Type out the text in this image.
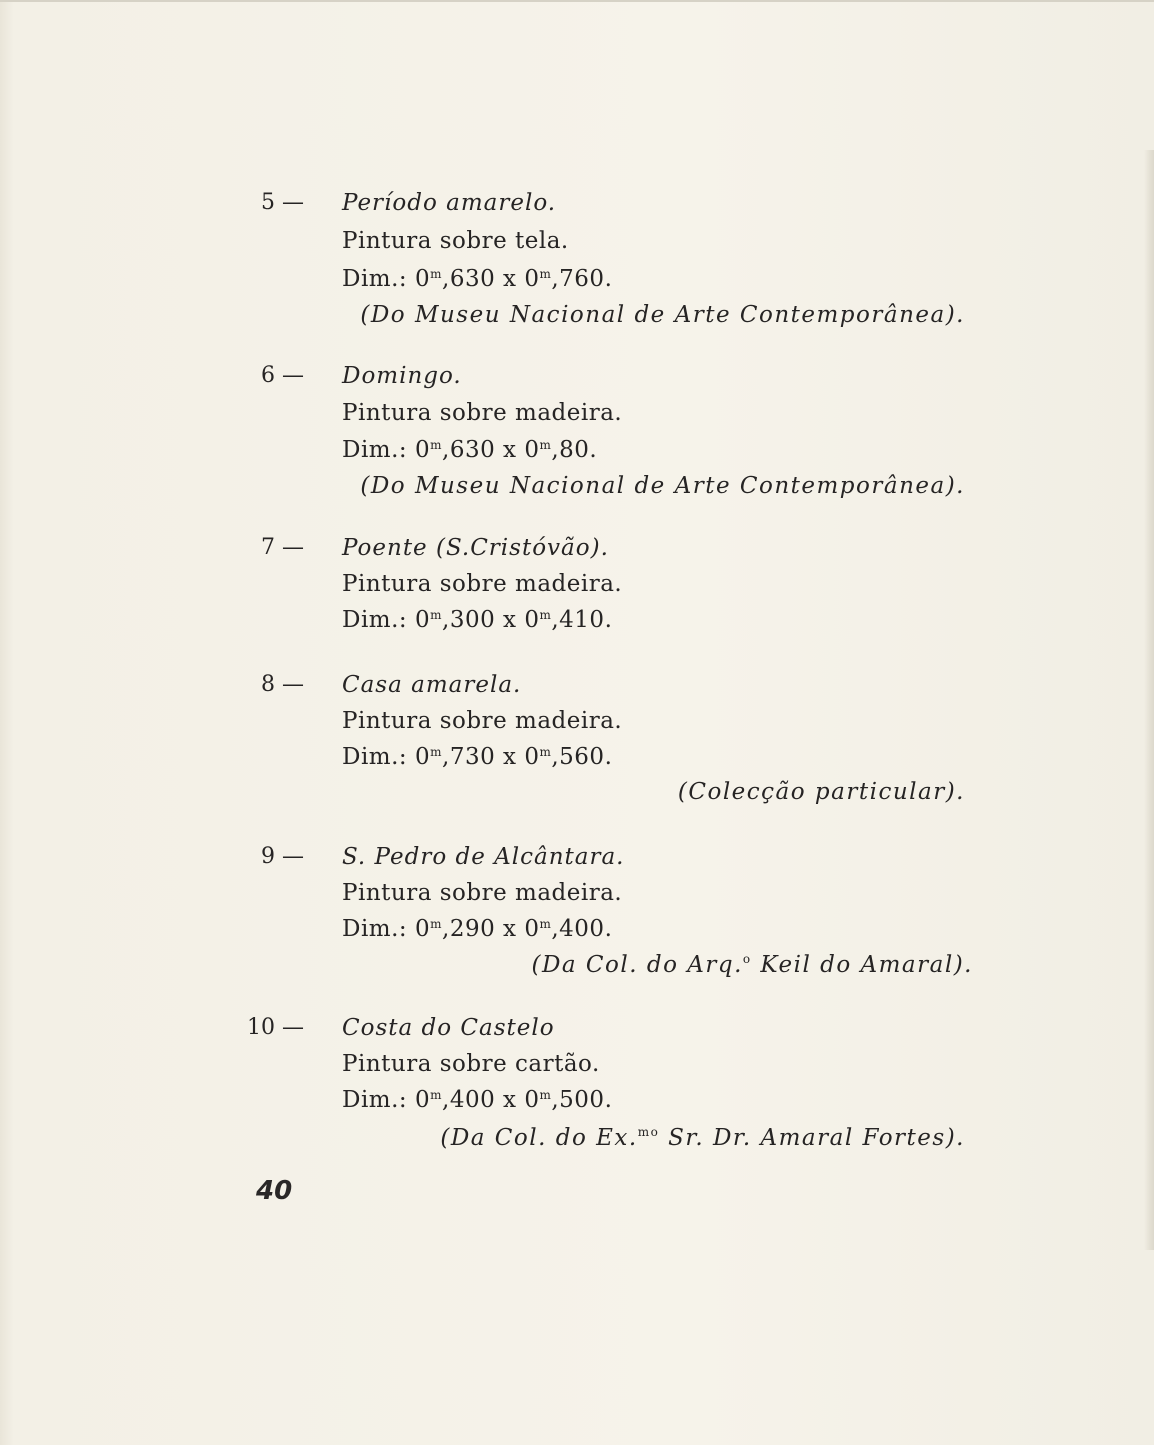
5 — Período amarelo.
Pintura sobre tela.
Dim.: 0$^m$,630 x 0$^m$,760.
(Do Museu Nacional de Arte Contemporânea).
6 — Domingo.
Pintura sobre madeira.
Dim.: 0$^m$,630 x 0$^m$,80.
(Do Museu Nacional de Arte Contemporânea).
7 — Poente (S.Cristóvão).
Pintura sobre madeira.
Dim.: 0$^m$,300 x 0$^m$,410.
8 — Casa amarela.
Pintura sobre madeira.
Dim.: 0$^m$,730 x 0$^m$,560.
(Colecção particular).
9 — S. Pedro de Alcântara.
Pintura sobre madeira.
Dim.: 0$^m$,290 x 0$^m$,400.
(Da Col. do Arq.$^o$ Keil do Amaral).
10 — Costa do Castelo
Pintura sobre cartão.
Dim.: 0$^m$,400 x 0$^m$,500.
(Da Col. do Ex.$^{mo}$ Sr. Dr. Amaral Fortes).
40
